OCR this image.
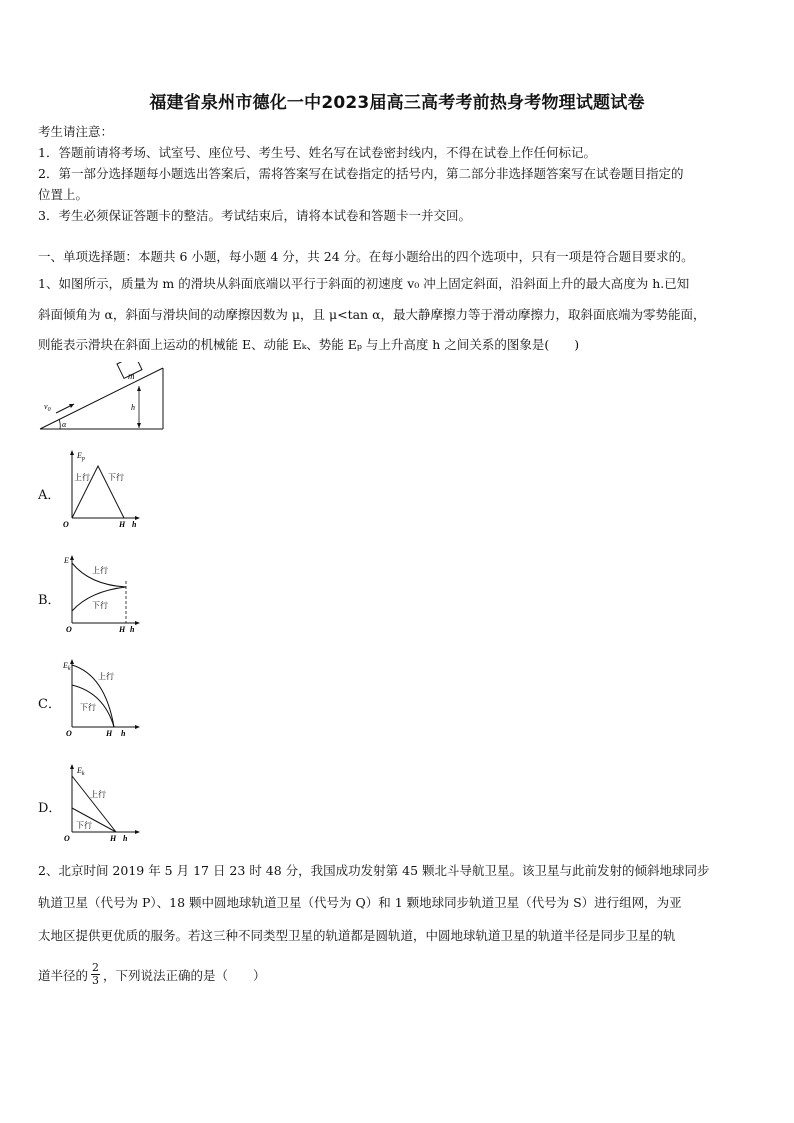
福建省泉州市德化一中2023届高三高考考前热身考物理试题试卷
考生请注意：
1．答题前请将考场、试室号、座位号、考生号、姓名写在试卷密封线内，不得在试卷上作任何标记。
2．第一部分选择题每小题选出答案后，需将答案写在试卷指定的括号内，第二部分非选择题答案写在试卷题目指定的
位置上。
3．考生必须保证答题卡的整洁。考试结束后，请将本试卷和答题卡一并交回。
一、单项选择题：本题共 6 小题，每小题 4 分，共 24 分。在每小题给出的四个选项中，只有一项是符合题目要求的。
1、如图所示，质量为 m 的滑块从斜面底端以平行于斜面的初速度 v₀ 冲上固定斜面，沿斜面上升的最大高度为 h.已知
斜面倾角为 α，斜面与滑块间的动摩擦因数为 μ，且 μ<tan α，最大静摩擦力等于滑动摩擦力，取斜面底端为零势能面，
则能表示滑块在斜面上运动的机械能 E、动能 Eₖ、势能 Eₚ 与上升高度 h 之间关系的图象是(　　)
m
$v_0$
α
h
A．
$E_p$
上行 下行
O	H h
B．
E
上行
下行
O	H h
C．
$E_k$
上行
下行
O	H h
D．
$E_k$
上行
下行
O	H h
2、北京时间 2019 年 5 月 17 日 23 时 48 分，我国成功发射第 45 颗北斗导航卫星。该卫星与此前发射的倾斜地球同步
轨道卫星（代号为 P）、18 颗中圆地球轨道卫星（代号为 Q）和 1 颗地球同步轨道卫星（代号为 S）进行组网，为亚
太地区提供更优质的服务。若这三种不同类型卫星的轨道都是圆轨道，中圆地球轨道卫星的轨道半径是同步卫星的轨
道半径的 $\frac{2}{3}$ ，下列说法正确的是（　　）
